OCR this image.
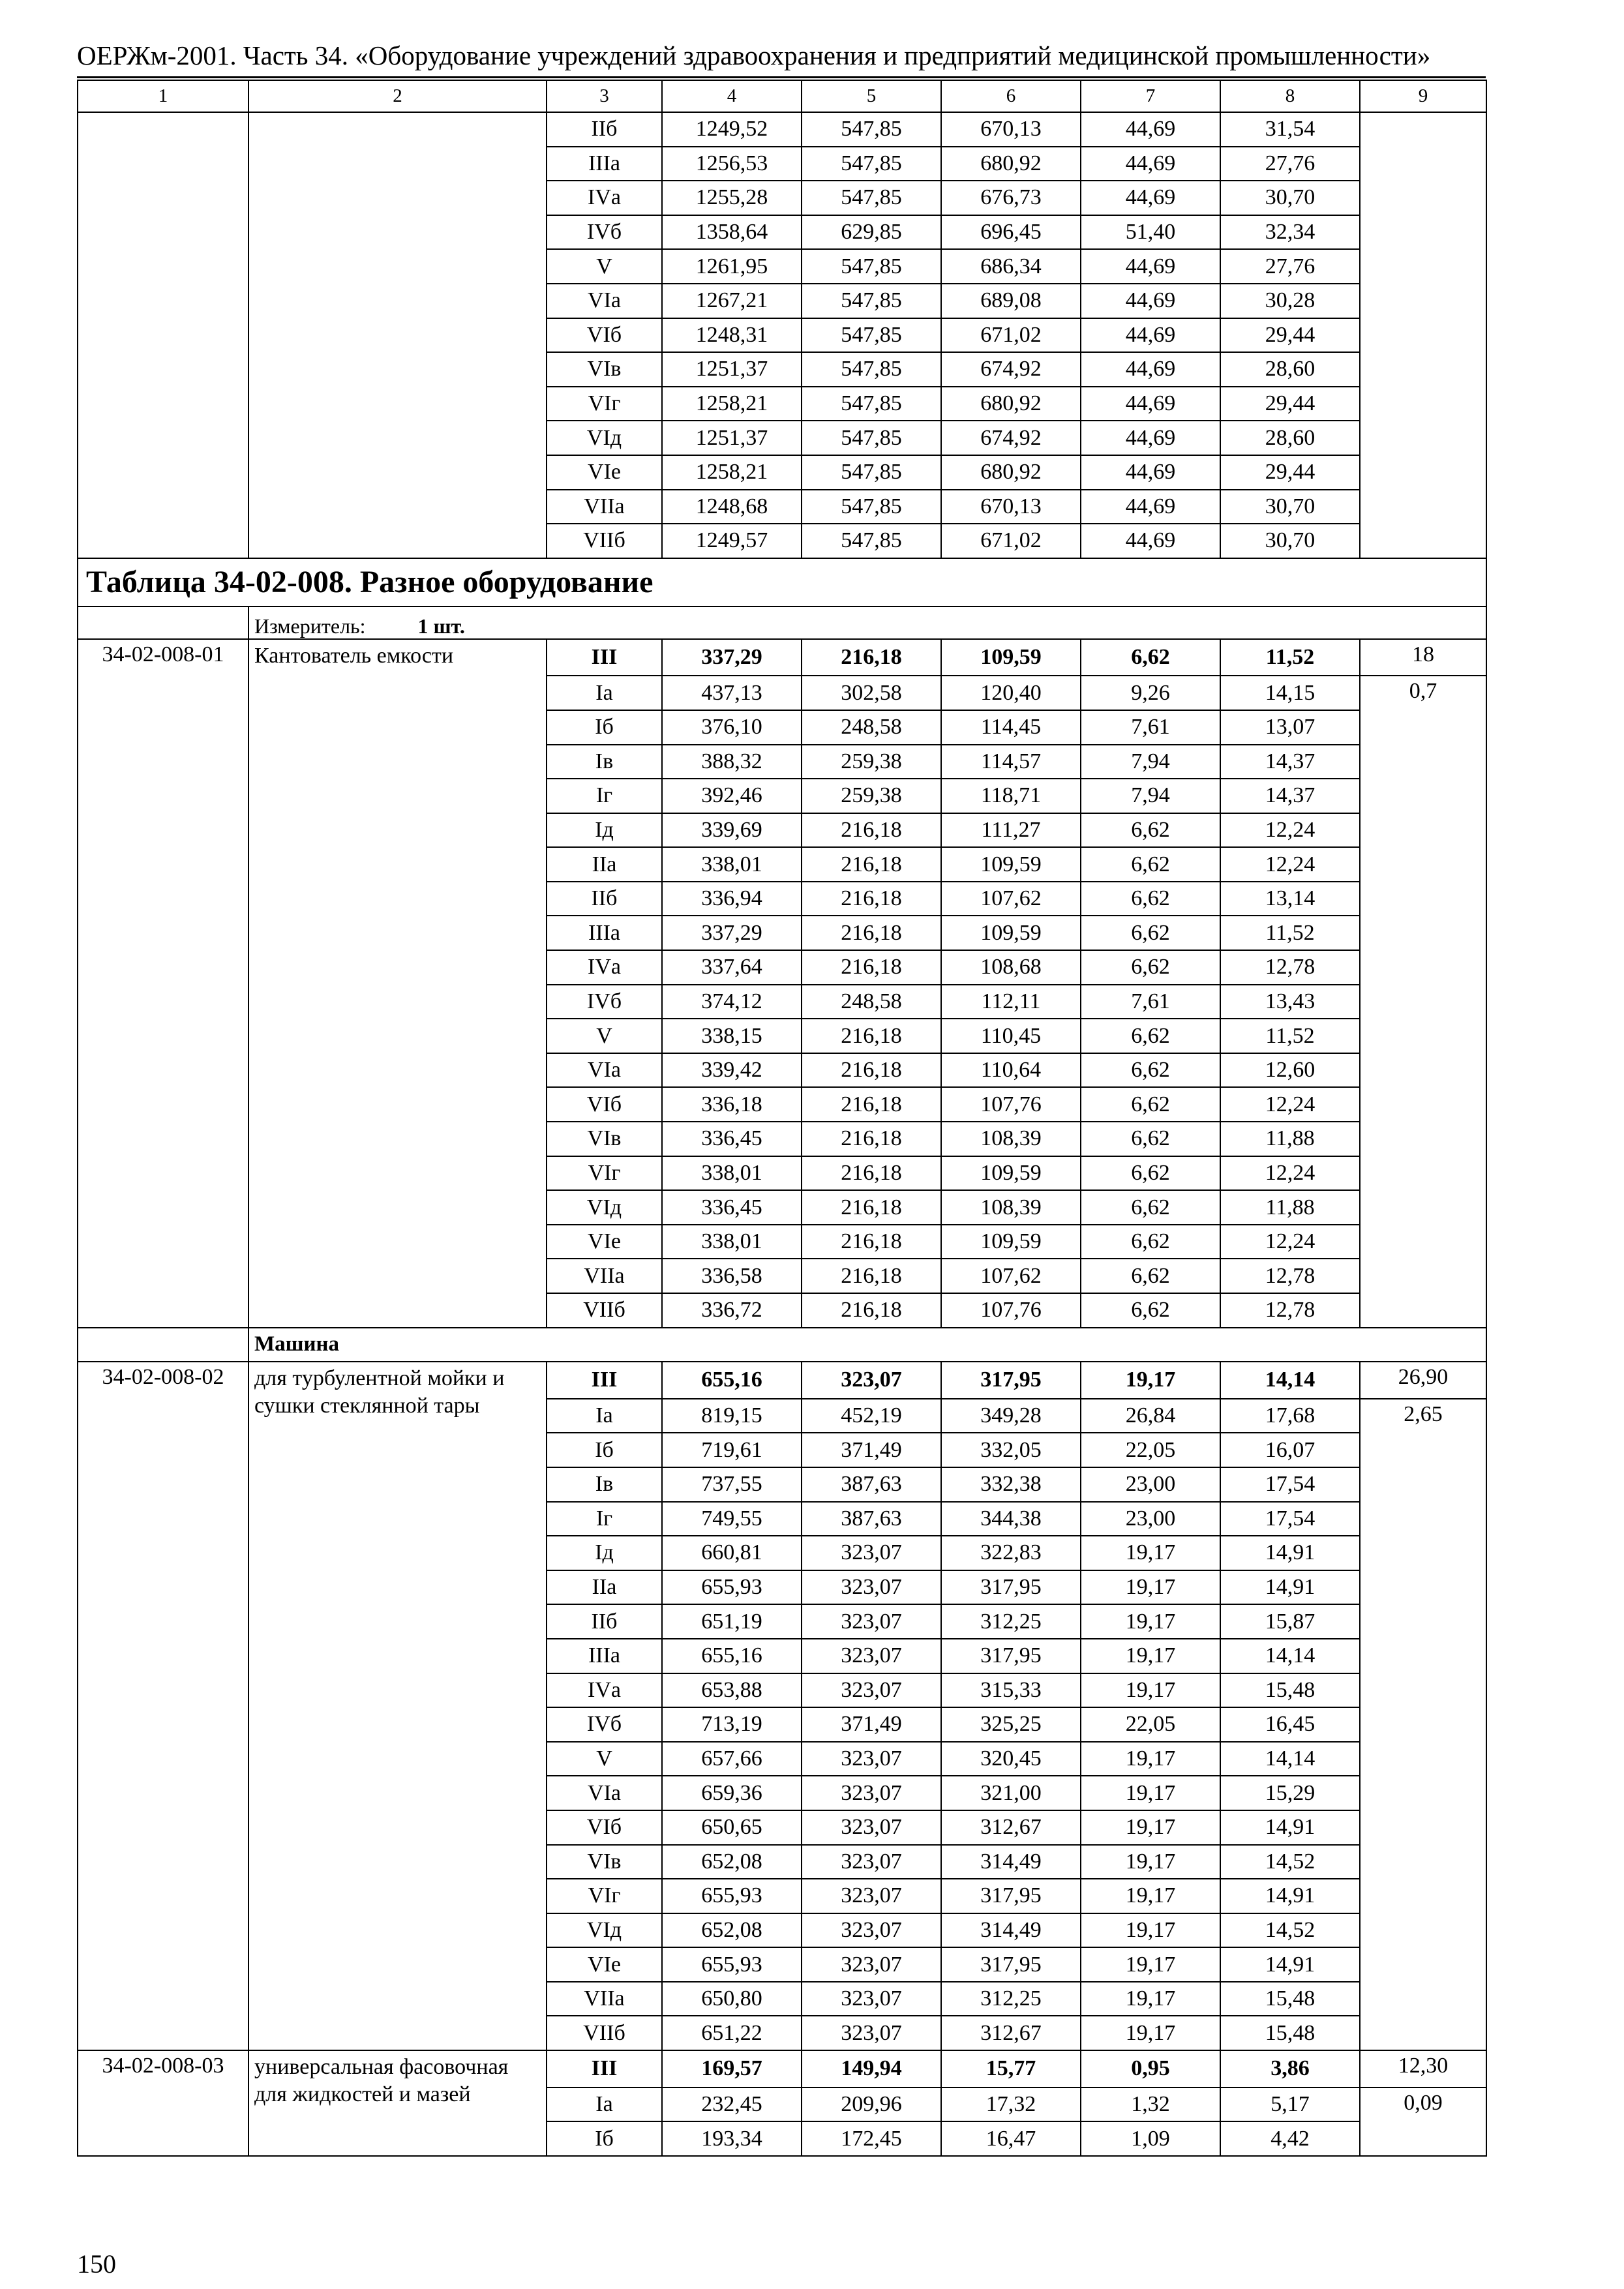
ОЕРЖм-2001. Часть 34. «Оборудование учреждений здравоохранения и предприятий медицинской промышленности»
1	2	3	4	5	6	7	8	9
		IIб	1249,52	547,85	670,13	44,69	31,54	
		IIIа	1256,53	547,85	680,92	44,69	27,76	
		IVа	1255,28	547,85	676,73	44,69	30,70	
		IVб	1358,64	629,85	696,45	51,40	32,34	
		V	1261,95	547,85	686,34	44,69	27,76	
		VIа	1267,21	547,85	689,08	44,69	30,28	
		VIб	1248,31	547,85	671,02	44,69	29,44	
		VIв	1251,37	547,85	674,92	44,69	28,60	
		VIг	1258,21	547,85	680,92	44,69	29,44	
		VIд	1251,37	547,85	674,92	44,69	28,60	
		VIе	1258,21	547,85	680,92	44,69	29,44	
		VIIа	1248,68	547,85	670,13	44,69	30,70	
		VIIб	1249,57	547,85	671,02	44,69	30,70	
Таблица 34-02-008. Разное оборудование								
	Измеритель: 1 шт.							
34-02-008-01	Кантователь емкости	III	337,29	216,18	109,59	6,62	11,52	18
		Iа	437,13	302,58	120,40	9,26	14,15	0,7
		Iб	376,10	248,58	114,45	7,61	13,07	
		Iв	388,32	259,38	114,57	7,94	14,37	
		Iг	392,46	259,38	118,71	7,94	14,37	
		Iд	339,69	216,18	111,27	6,62	12,24	
		IIа	338,01	216,18	109,59	6,62	12,24	
		IIб	336,94	216,18	107,62	6,62	13,14	
		IIIа	337,29	216,18	109,59	6,62	11,52	
		IVа	337,64	216,18	108,68	6,62	12,78	
		IVб	374,12	248,58	112,11	7,61	13,43	
		V	338,15	216,18	110,45	6,62	11,52	
		VIа	339,42	216,18	110,64	6,62	12,60	
		VIб	336,18	216,18	107,76	6,62	12,24	
		VIв	336,45	216,18	108,39	6,62	11,88	
		VIг	338,01	216,18	109,59	6,62	12,24	
		VIд	336,45	216,18	108,39	6,62	11,88	
		VIе	338,01	216,18	109,59	6,62	12,24	
		VIIа	336,58	216,18	107,62	6,62	12,78	
		VIIб	336,72	216,18	107,76	6,62	12,78	
	Машина							
34-02-008-02	для турбулентной мойки и сушки стеклянной тары	III	655,16	323,07	317,95	19,17	14,14	26,90
		Iа	819,15	452,19	349,28	26,84	17,68	2,65
		Iб	719,61	371,49	332,05	22,05	16,07	
		Iв	737,55	387,63	332,38	23,00	17,54	
		Iг	749,55	387,63	344,38	23,00	17,54	
		Iд	660,81	323,07	322,83	19,17	14,91	
		IIа	655,93	323,07	317,95	19,17	14,91	
		IIб	651,19	323,07	312,25	19,17	15,87	
		IIIа	655,16	323,07	317,95	19,17	14,14	
		IVа	653,88	323,07	315,33	19,17	15,48	
		IVб	713,19	371,49	325,25	22,05	16,45	
		V	657,66	323,07	320,45	19,17	14,14	
		VIа	659,36	323,07	321,00	19,17	15,29	
		VIб	650,65	323,07	312,67	19,17	14,91	
		VIв	652,08	323,07	314,49	19,17	14,52	
		VIг	655,93	323,07	317,95	19,17	14,91	
		VIд	652,08	323,07	314,49	19,17	14,52	
		VIе	655,93	323,07	317,95	19,17	14,91	
		VIIа	650,80	323,07	312,25	19,17	15,48	
		VIIб	651,22	323,07	312,67	19,17	15,48	
34-02-008-03	универсальная фасовочная для жидкостей и мазей	III	169,57	149,94	15,77	0,95	3,86	12,30
		Iа	232,45	209,96	17,32	1,32	5,17	0,09
		Iб	193,34	172,45	16,47	1,09	4,42	
150
